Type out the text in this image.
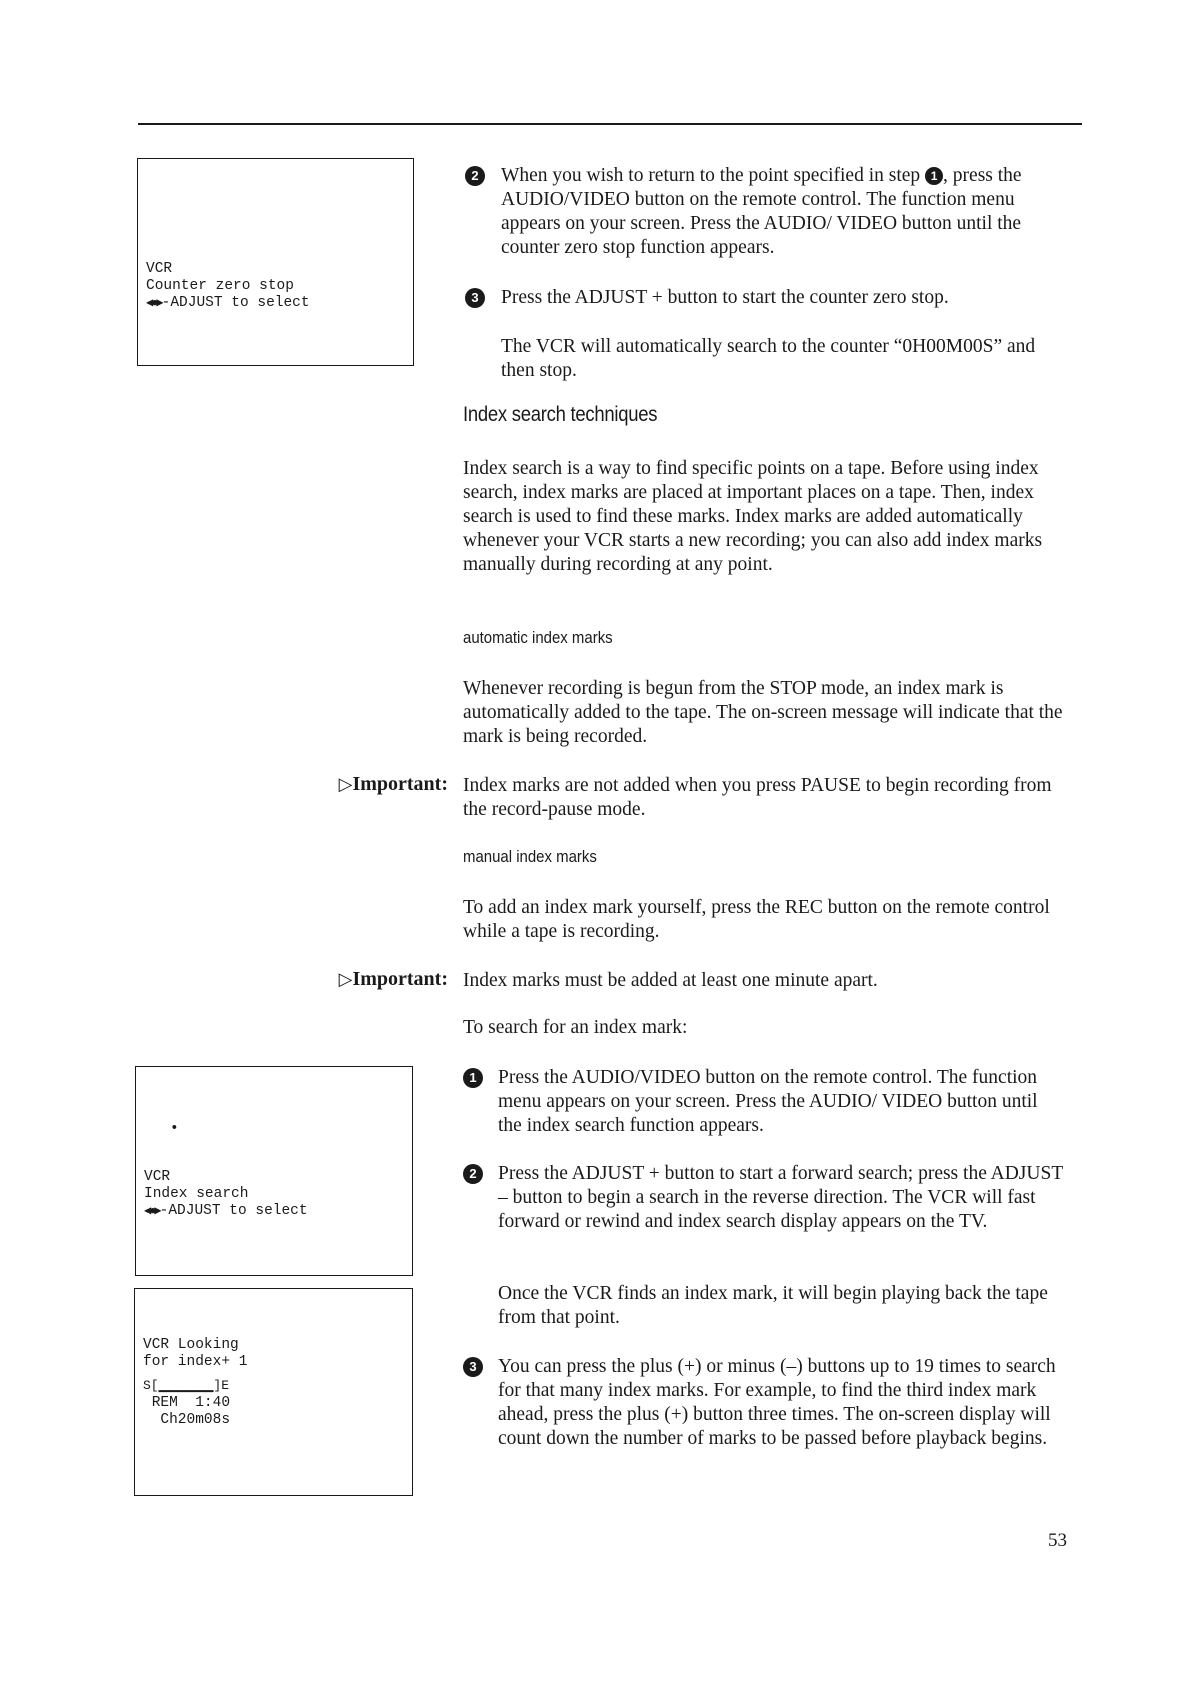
VCR
Counter zero stop
◀●▶-ADJUST to select
•
VCR
Index search
◀●▶-ADJUST to select
VCR Looking
for index+ 1
S[▁▁▁▁▁▁▁]E
REM  1:40
Ch20m08s
2	When you wish to return to the point specified in step 1 , press the AUDIO/VIDEO button on the remote control. The function menu appears on your screen. Press the AUDIO/ VIDEO button until the counter zero stop function appears.
3	Press the ADJUST + button to start the counter zero stop.
The VCR will automatically search to the counter “0H00M00S” and then stop.
Index search techniques
Index search is a way to find specific points on a tape. Before using index search, index marks are placed at important places on a tape. Then, index search is used to find these marks. Index marks are added automatically whenever your VCR starts a new recording; you can also add index marks manually during recording at any point.
automatic index marks
Whenever recording is begun from the STOP mode, an index mark is automatically added to the tape. The on-screen message will indicate that the mark is being recorded.
▷Important: Index marks are not added when you press PAUSE to begin recording from the record-pause mode.
manual index marks
To add an index mark yourself, press the REC button on the remote control while a tape is recording.
▷Important: Index marks must be added at least one minute apart.
To search for an index mark:
1	Press the AUDIO/VIDEO button on the remote control. The function menu appears on your screen. Press the AUDIO/ VIDEO button until the index search function appears.
2	Press the ADJUST + button to start a forward search; press the ADJUST – button to begin a search in the reverse direction. The VCR will fast forward or rewind and index search display appears on the TV.
Once the VCR finds an index mark, it will begin playing back the tape from that point.
3	You can press the plus (+) or minus (–) buttons up to 19 times to search for that many index marks. For example, to find the third index mark ahead, press the plus (+) button three times. The on-screen display will count down the number of marks to be passed before playback begins.
53
